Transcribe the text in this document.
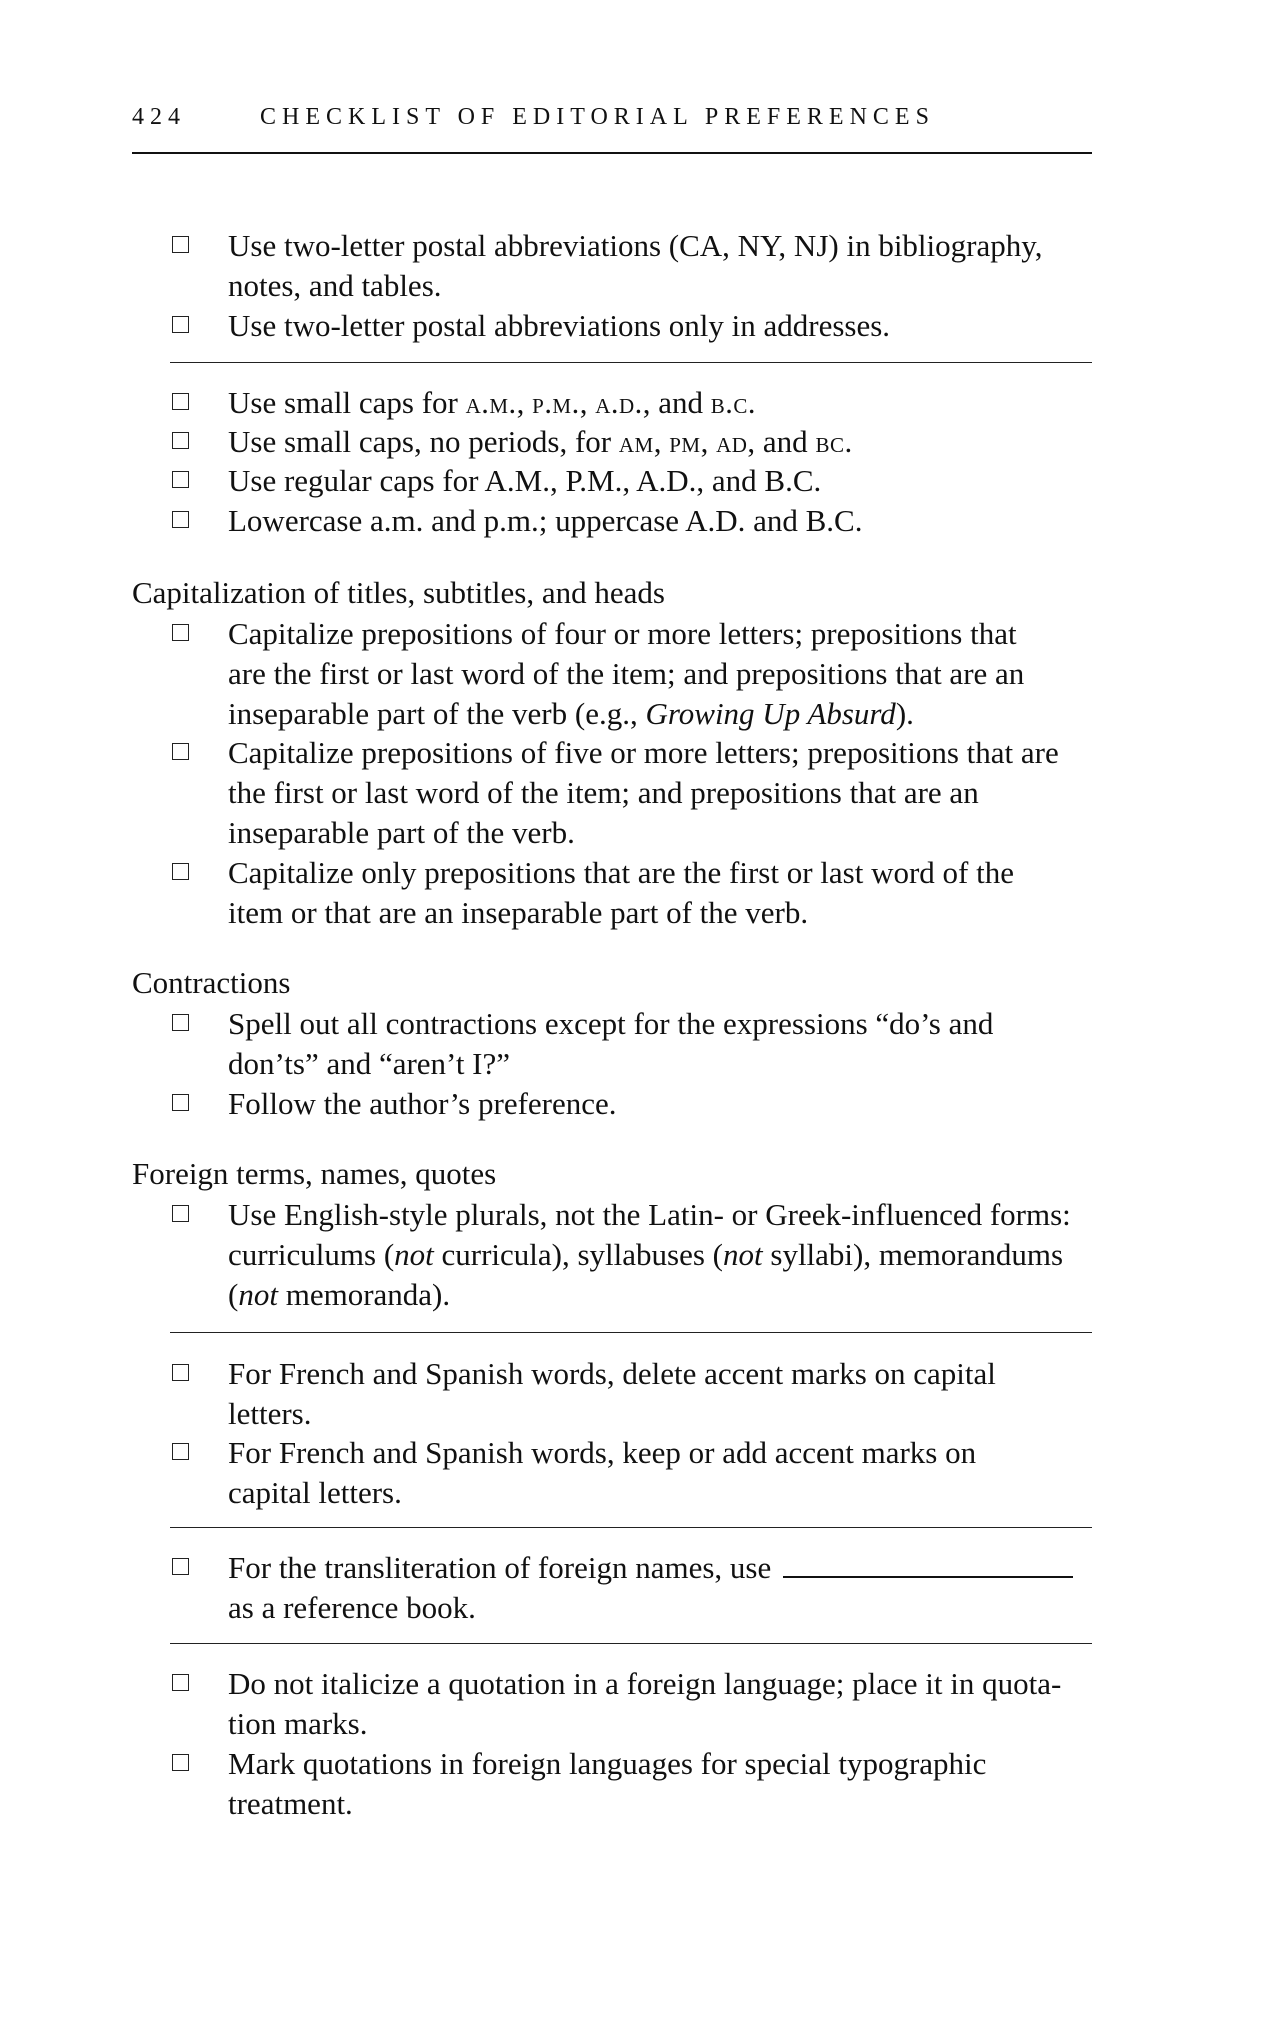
424	CHECKLIST OF EDITORIAL PREFERENCES
Use two-letter postal abbreviations (CA, NY, NJ) in bibliography,
notes, and tables.
Use two-letter postal abbreviations only in addresses.
Use small caps for a.m., p.m., a.d., and b.c.
Use small caps, no periods, for am, pm, ad, and bc.
Use regular caps for A.M., P.M., A.D., and B.C.
Lowercase a.m. and p.m.; uppercase A.D. and B.C.
Capitalization of titles, subtitles, and heads
Capitalize prepositions of four or more letters; prepositions that
are the first or last word of the item; and prepositions that are an
inseparable part of the verb (e.g., Growing Up Absurd).
Capitalize prepositions of five or more letters; prepositions that are
the first or last word of the item; and prepositions that are an
inseparable part of the verb.
Capitalize only prepositions that are the first or last word of the
item or that are an inseparable part of the verb.
Contractions
Spell out all contractions except for the expressions “do’s and
don’ts” and “aren’t I?”
Follow the author’s preference.
Foreign terms, names, quotes
Use English-style plurals, not the Latin- or Greek-influenced forms:
curriculums (not curricula), syllabuses (not syllabi), memorandums
(not memoranda).
For French and Spanish words, delete accent marks on capital
letters.
For French and Spanish words, keep or add accent marks on
capital letters.
For the transliteration of foreign names, use
as a reference book.
Do not italicize a quotation in a foreign language; place it in quota-
tion marks.
Mark quotations in foreign languages for special typographic
treatment.
